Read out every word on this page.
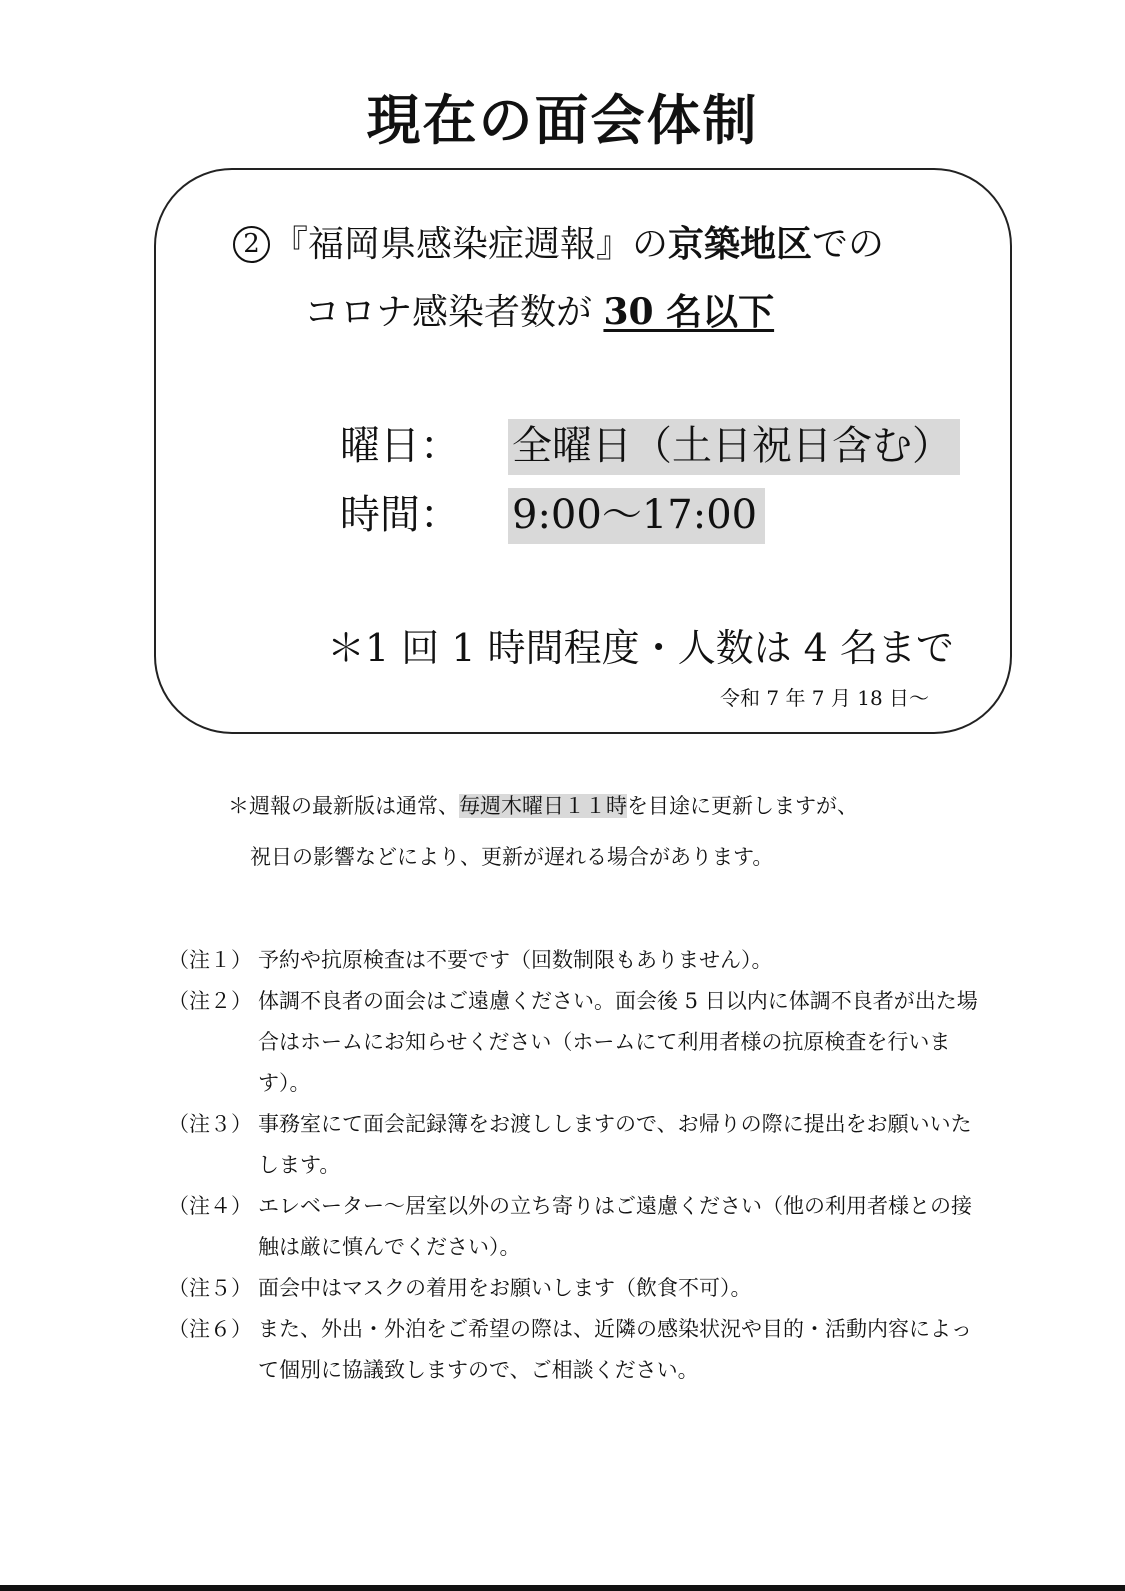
現在の面会体制
2 『福岡県感染症週報』の京築地区での
コロナ感染者数が 30 名以下
曜日： 全曜日（土日祝日含む）
時間： 9:00～17:00
＊1 回 1 時間程度・人数は 4 名まで
令和 7 年 7 月 18 日～
＊週報の最新版は通常、毎週木曜日１１時を目途に更新しますが、
祝日の影響などにより、更新が遅れる場合があります。
（注１） 予約や抗原検査は不要です（回数制限もありません）。
（注２） 体調不良者の面会はご遠慮ください。面会後 5 日以内に体調不良者が出た場合はホームにお知らせください（ホームにて利用者様の抗原検査を行います）。
（注３） 事務室にて面会記録簿をお渡ししますので、お帰りの際に提出をお願いいたします。
（注４） エレベーター～居室以外の立ち寄りはご遠慮ください（他の利用者様との接触は厳に慎んでください）。
（注５） 面会中はマスクの着用をお願いします（飲食不可）。
（注６） また、外出・外泊をご希望の際は、近隣の感染状況や目的・活動内容によって個別に協議致しますので、ご相談ください。
